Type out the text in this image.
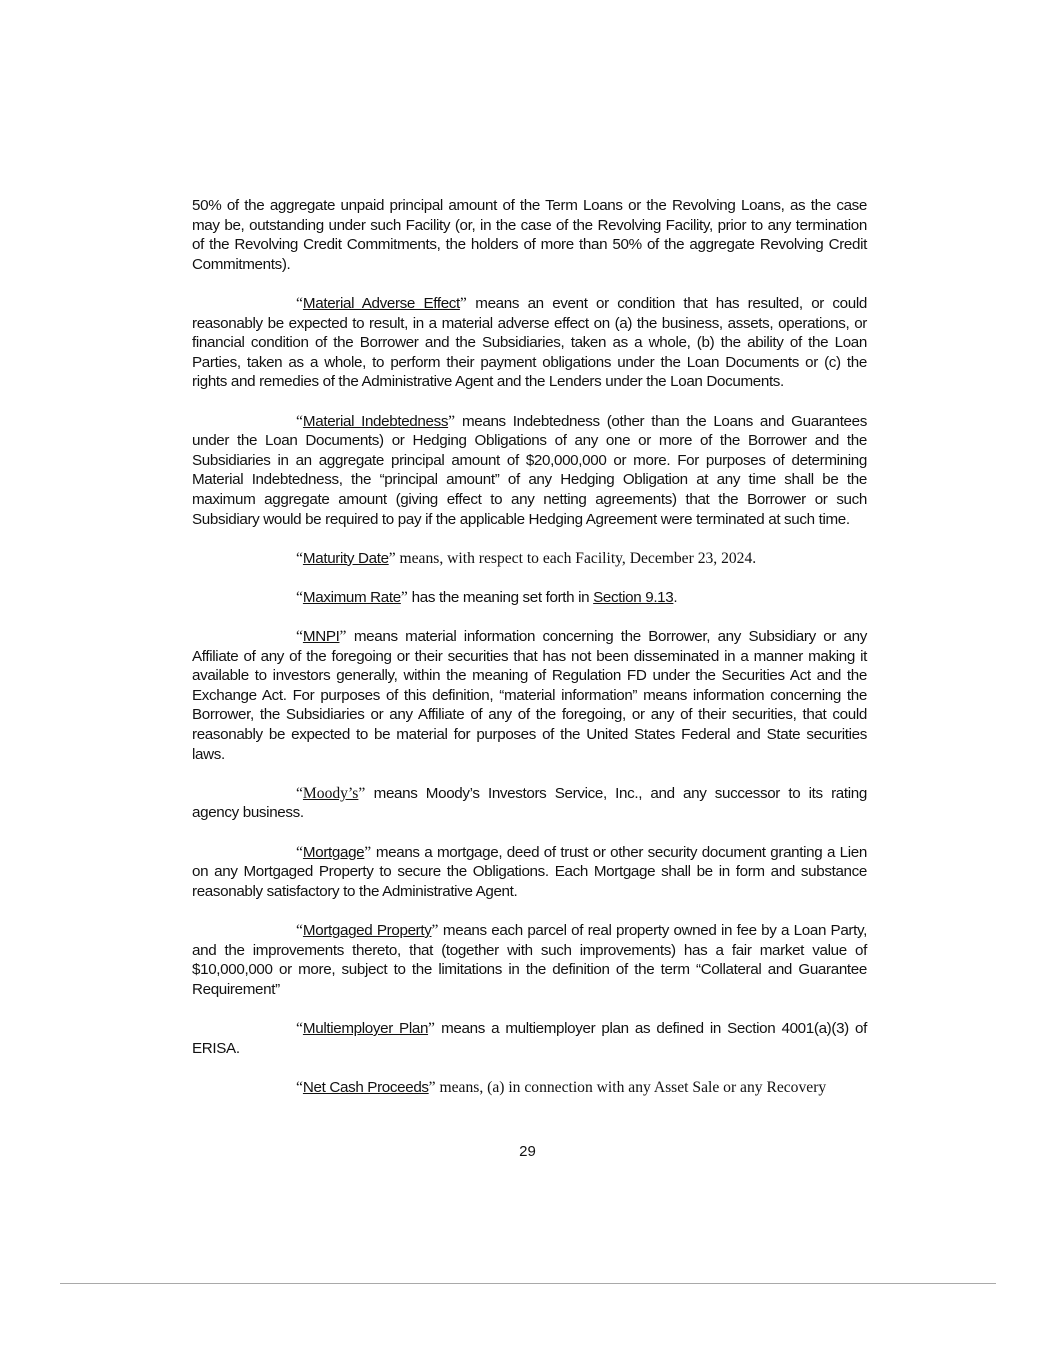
50% of the aggregate unpaid principal amount of the Term Loans or the Revolving Loans, as the case may be, outstanding under such Facility (or, in the case of the Revolving Facility, prior to any termination of the Revolving Credit Commitments, the holders of more than 50% of the aggregate Revolving Credit Commitments).

“Material Adverse Effect” means an event or condition that has resulted, or could reasonably be expected to result, in a material adverse effect on (a) the business, assets, operations, or financial condition of the Borrower and the Subsidiaries, taken as a whole, (b) the ability of the Loan Parties, taken as a whole, to perform their payment obligations under the Loan Documents or (c) the rights and remedies of the Administrative Agent and the Lenders under the Loan Documents.

“Material Indebtedness” means Indebtedness (other than the Loans and Guarantees under the Loan Documents) or Hedging Obligations of any one or more of the Borrower and the Subsidiaries in an aggregate principal amount of $20,000,000 or more. For purposes of determining Material Indebtedness, the “principal amount” of any Hedging Obligation at any time shall be the maximum aggregate amount (giving effect to any netting agreements) that the Borrower or such Subsidiary would be required to pay if the applicable Hedging Agreement were terminated at such time.

“Maturity Date” means, with respect to each Facility, December 23, 2024.

“Maximum Rate” has the meaning set forth in Section 9.13.

“MNPI” means material information concerning the Borrower, any Subsidiary or any Affiliate of any of the foregoing or their securities that has not been disseminated in a manner making it available to investors generally, within the meaning of Regulation FD under the Securities Act and the Exchange Act. For purposes of this definition, “material information” means information concerning the Borrower, the Subsidiaries or any Affiliate of any of the foregoing, or any of their securities, that could reasonably be expected to be material for purposes of the United States Federal and State securities laws.

“Moody’s” means Moody’s Investors Service, Inc., and any successor to its rating agency business.

“Mortgage” means a mortgage, deed of trust or other security document granting a Lien on any Mortgaged Property to secure the Obligations. Each Mortgage shall be in form and substance reasonably satisfactory to the Administrative Agent.

“Mortgaged Property” means each parcel of real property owned in fee by a Loan Party, and the improvements thereto, that (together with such improvements) has a fair market value of $10,000,000 or more, subject to the limitations in the definition of the term “Collateral and Guarantee Requirement”

“Multiemployer Plan” means a multiemployer plan as defined in Section 4001(a)(3) of ERISA.

“Net Cash Proceeds” means, (a) in connection with any Asset Sale or any Recovery

29
